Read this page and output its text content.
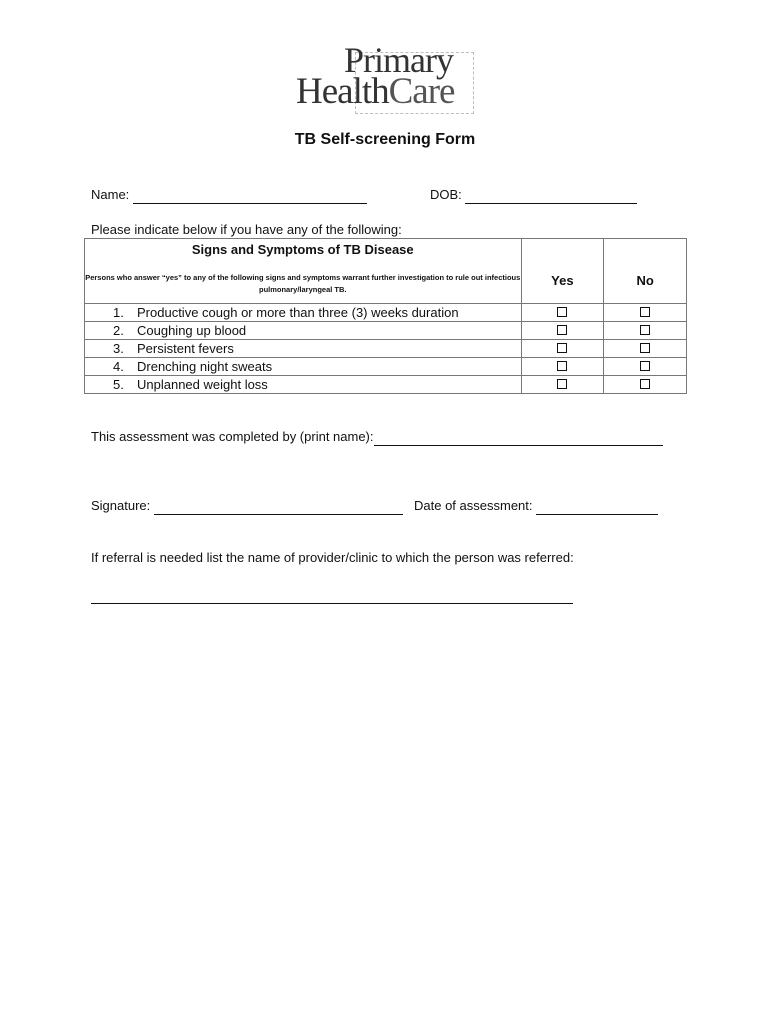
Primary
HealthCare
TB Self-screening Form
Name:	DOB:
Please indicate below if you have any of the following:
Signs and Symptoms of TB Disease
Persons who answer “yes” to any of the following signs and symptoms warrant further investigation to rule out infectious pulmonary/laryngeal TB.	Yes	No
1. Productive cough or more than three (3) weeks duration		
2. Coughing up blood		
3. Persistent fevers		
4. Drenching night sweats		
5. Unplanned weight loss		
This assessment was completed by (print name):
Signature:	Date of assessment:
If referral is needed list the name of provider/clinic to which the person was referred:
